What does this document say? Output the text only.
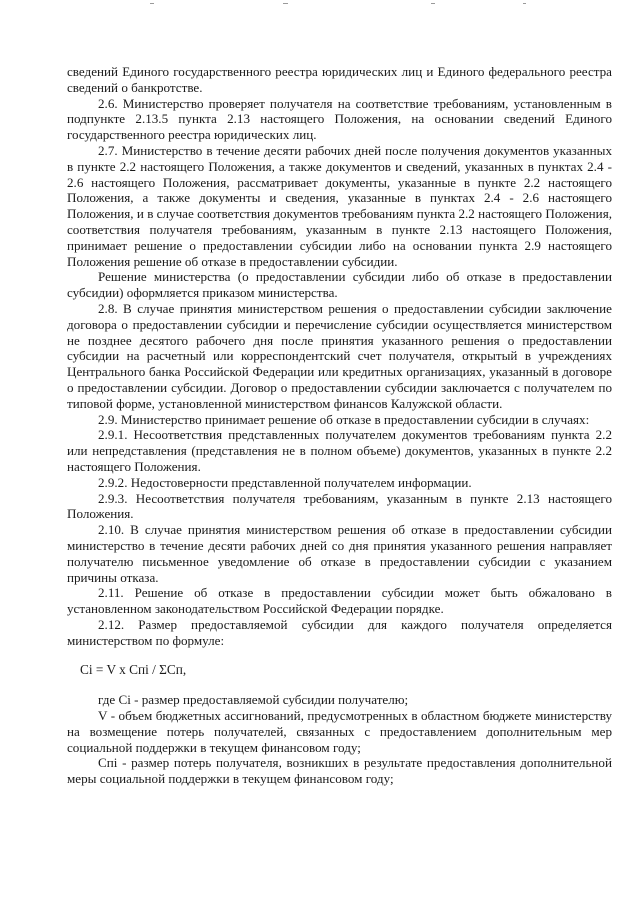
сведений Единого государственного реестра юридических лиц и Единого федерального реестра сведений о банкротстве.

2.6. Министерство проверяет получателя на соответствие требованиям, установленным в подпункте 2.13.5 пункта 2.13 настоящего Положения, на основании сведений Единого государственного реестра юридических лиц.

2.7. Министерство в течение десяти рабочих дней после получения документов указанных в пункте 2.2 настоящего Положения, а также документов и сведений, указанных в пунктах 2.4 - 2.6 настоящего Положения, рассматривает документы, указанные в пункте 2.2 настоящего Положения, а также документы и сведения, указанные в пунктах 2.4 - 2.6 настоящего Положения, и в случае соответствия документов требованиям пункта 2.2 настоящего Положения, соответствия получателя требованиям, указанным в пункте 2.13 настоящего Положения, принимает решение о предоставлении субсидии либо на основании пункта 2.9 настоящего Положения решение об отказе в предоставлении субсидии.

Решение министерства (о предоставлении субсидии либо об отказе в предоставлении субсидии) оформляется приказом министерства.

2.8. В случае принятия министерством решения о предоставлении субсидии заключение договора о предоставлении субсидии и перечисление субсидии осуществляется министерством не позднее десятого рабочего дня после принятия указанного решения о предоставлении субсидии на расчетный или корреспондентский счет получателя, открытый в учреждениях Центрального банка Российской Федерации или кредитных организациях, указанный в договоре о предоставлении субсидии. Договор о предоставлении субсидии заключается с получателем по типовой форме, установленной министерством финансов Калужской области.

2.9. Министерство принимает решение об отказе в предоставлении субсидии в случаях:

2.9.1. Несоответствия представленных получателем документов требованиям пункта 2.2 или непредставления (представления не в полном объеме) документов, указанных в пункте 2.2 настоящего Положения.

2.9.2. Недостоверности представленной получателем информации.

2.9.3. Несоответствия получателя требованиям, указанным в пункте 2.13 настоящего Положения.

2.10. В случае принятия министерством решения об отказе в предоставлении субсидии министерство в течение десяти рабочих дней со дня принятия указанного решения направляет получателю письменное уведомление об отказе в предоставлении субсидии с указанием причины отказа.

2.11. Решение об отказе в предоставлении субсидии может быть обжаловано в установленном законодательством Российской Федерации порядке.

2.12. Размер предоставляемой субсидии для каждого получателя определяется министерством по формуле:

Ci = V x Cпi / ΣCп,

где Ci - размер предоставляемой субсидии получателю;

V - объем бюджетных ассигнований, предусмотренных в областном бюджете министерству на возмещение потерь получателей, связанных с предоставлением дополнительным мер социальной поддержки в текущем финансовом году;

Cпi - размер потерь получателя, возникших в результате предоставления дополнительной меры социальной поддержки в текущем финансовом году;
